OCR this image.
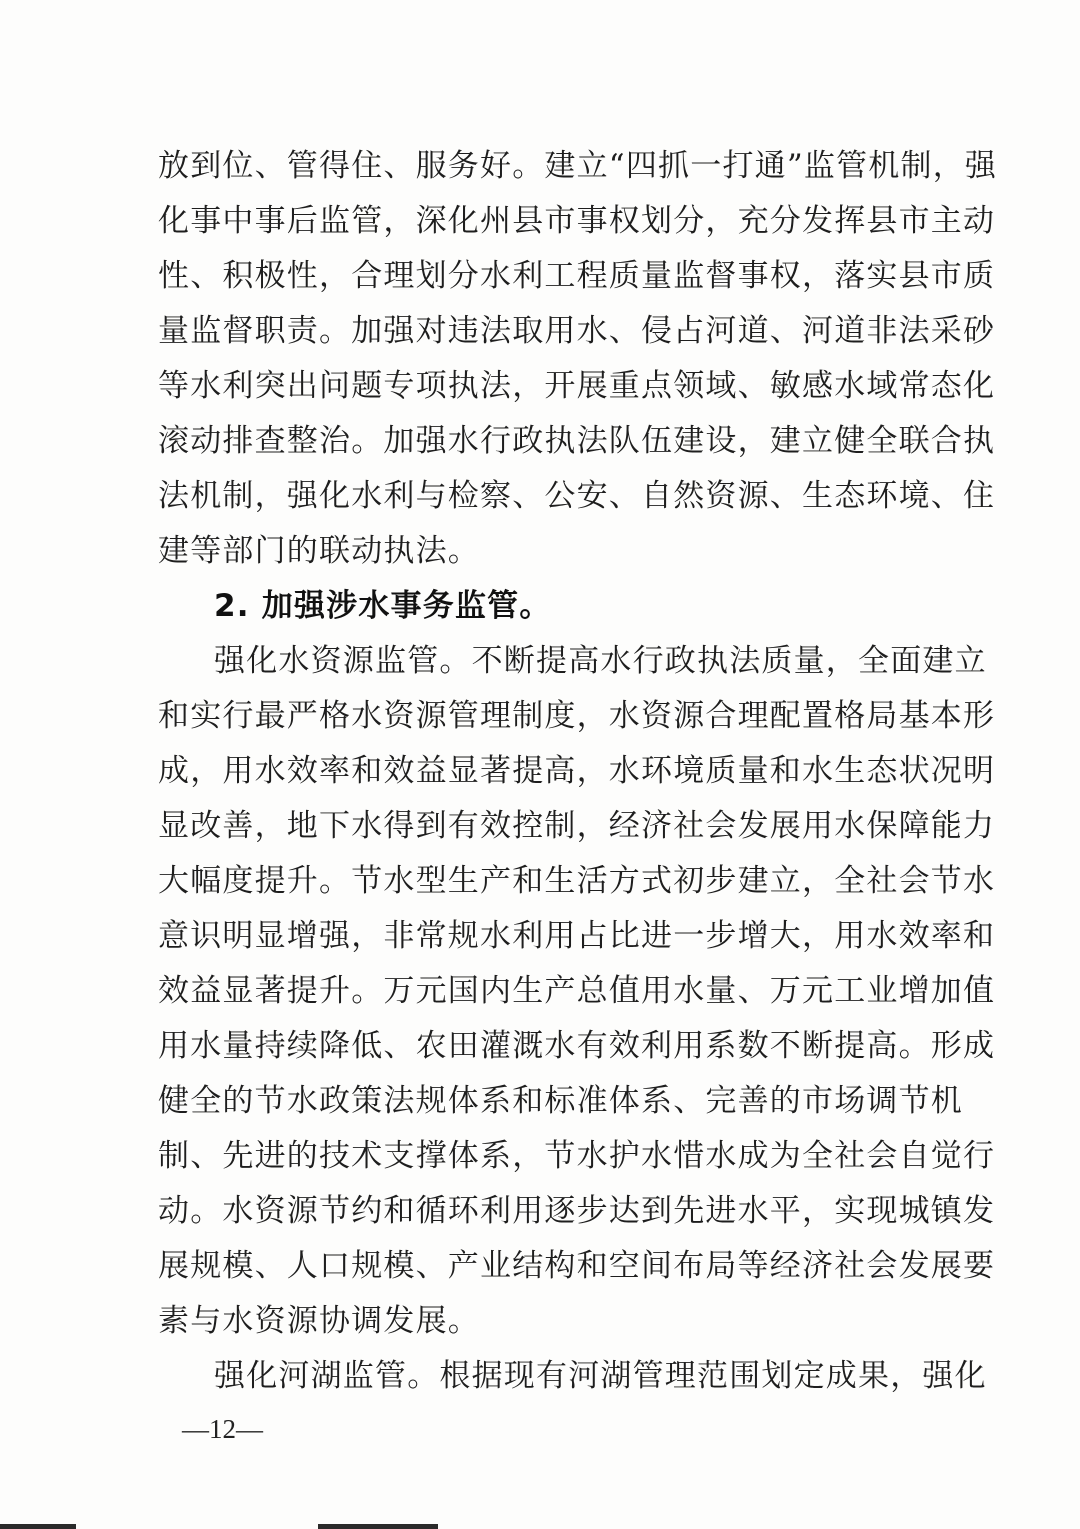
放到位、管得住、服务好。建立“四抓一打通”监管机制，强
化事中事后监管，深化州县市事权划分，充分发挥县市主动
性、积极性，合理划分水利工程质量监督事权，落实县市质
量监督职责。加强对违法取用水、侵占河道、河道非法采砂
等水利突出问题专项执法，开展重点领域、敏感水域常态化
滚动排查整治。加强水行政执法队伍建设，建立健全联合执
法机制，强化水利与检察、公安、自然资源、生态环境、住
建等部门的联动执法。
2. 加强涉水事务监管。
强化水资源监管。不断提高水行政执法质量，全面建立
和实行最严格水资源管理制度，水资源合理配置格局基本形
成，用水效率和效益显著提高，水环境质量和水生态状况明
显改善，地下水得到有效控制，经济社会发展用水保障能力
大幅度提升。节水型生产和生活方式初步建立，全社会节水
意识明显增强，非常规水利用占比进一步增大，用水效率和
效益显著提升。万元国内生产总值用水量、万元工业增加值
用水量持续降低、农田灌溉水有效利用系数不断提高。形成
健全的节水政策法规体系和标准体系、完善的市场调节机
制、先进的技术支撑体系，节水护水惜水成为全社会自觉行
动。水资源节约和循环利用逐步达到先进水平，实现城镇发
展规模、人口规模、产业结构和空间布局等经济社会发展要
素与水资源协调发展。
强化河湖监管。根据现有河湖管理范围划定成果，强化
—12—
